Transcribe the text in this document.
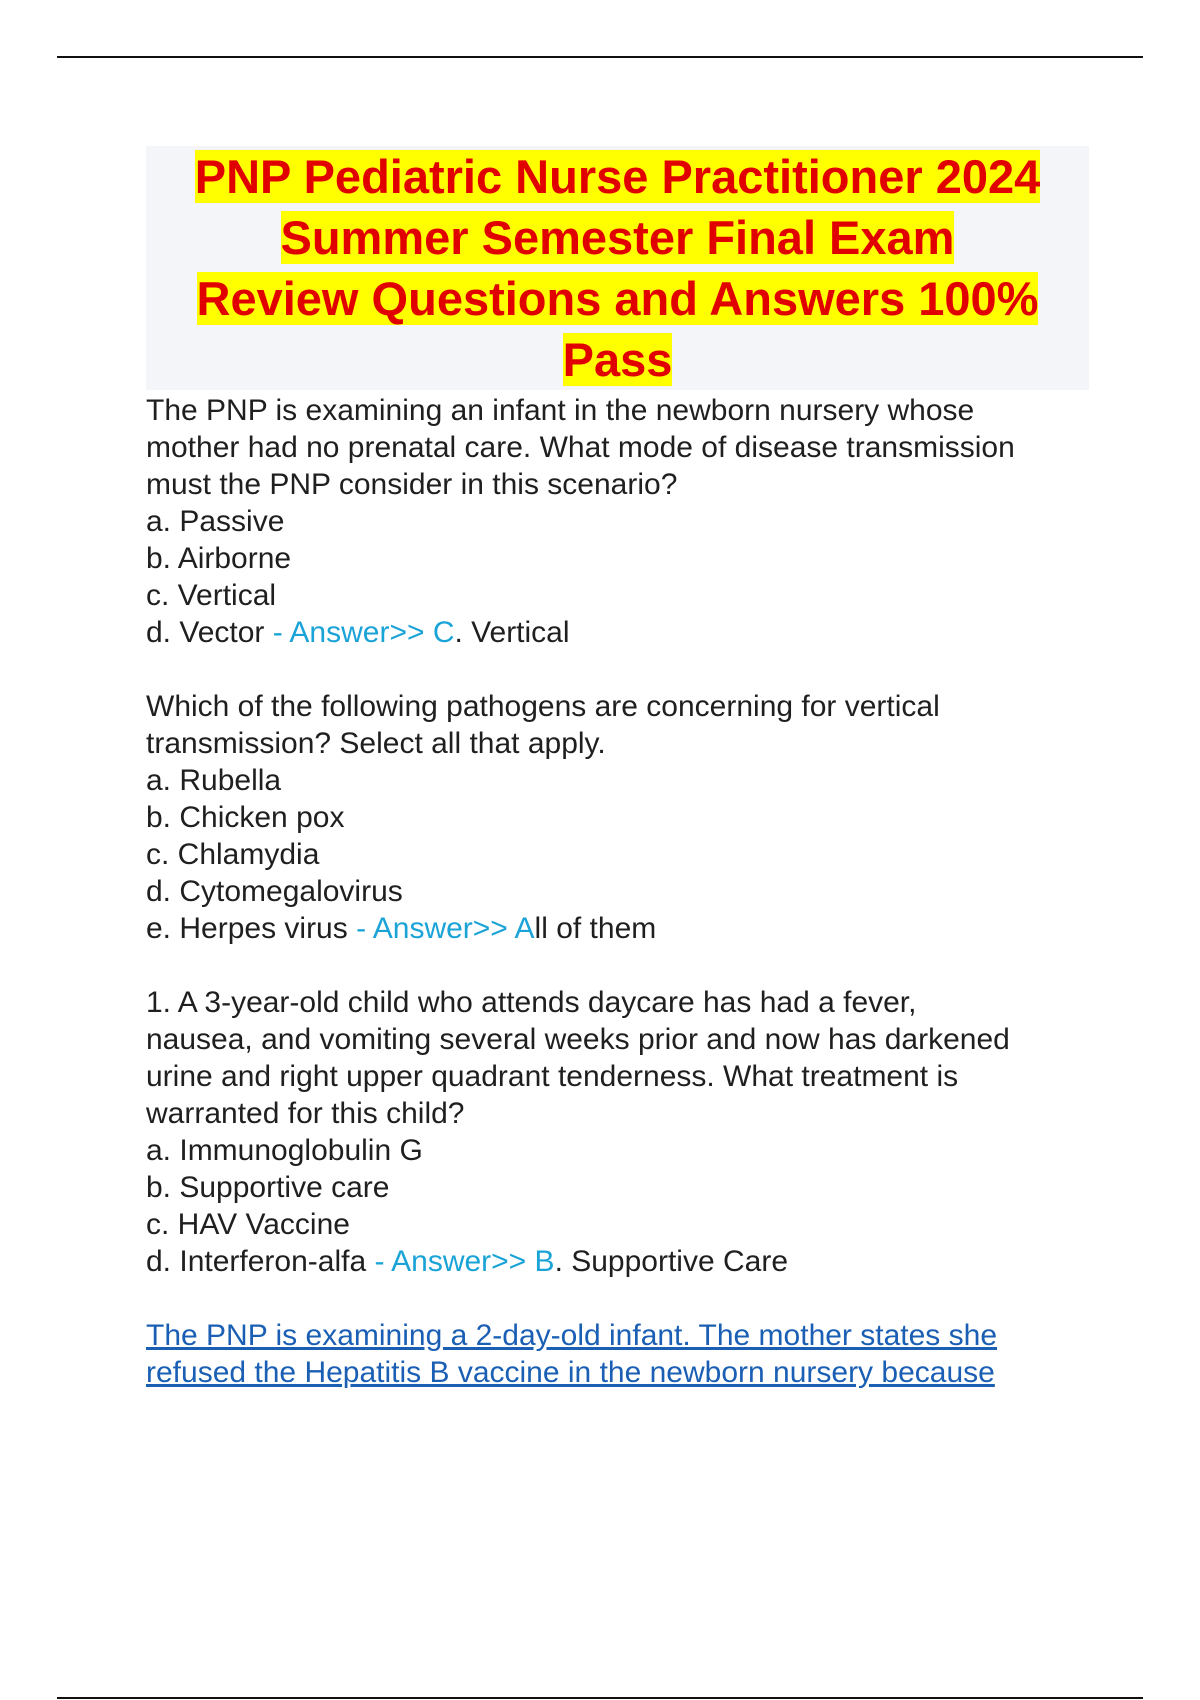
PNP Pediatric Nurse Practitioner 2024
Summer Semester Final Exam
Review Questions and Answers 100%
Pass

The PNP is examining an infant in the newborn nursery whose

mother had no prenatal care. What mode of disease transmission

must the PNP consider in this scenario?

a. Passive

b. Airborne

c. Vertical

d. Vector - Answer>> C. Vertical

Which of the following pathogens are concerning for vertical

transmission? Select all that apply.

a. Rubella

b. Chicken pox

c. Chlamydia

d. Cytomegalovirus

e. Herpes virus - Answer>> All of them

1. A 3-year-old child who attends daycare has had a fever,

nausea, and vomiting several weeks prior and now has darkened

urine and right upper quadrant tenderness. What treatment is

warranted for this child?

a. Immunoglobulin G

b. Supportive care

c. HAV Vaccine

d. Interferon-alfa - Answer>> B. Supportive Care

The PNP is examining a 2-day-old infant. The mother states she

refused the Hepatitis B vaccine in the newborn nursery because
